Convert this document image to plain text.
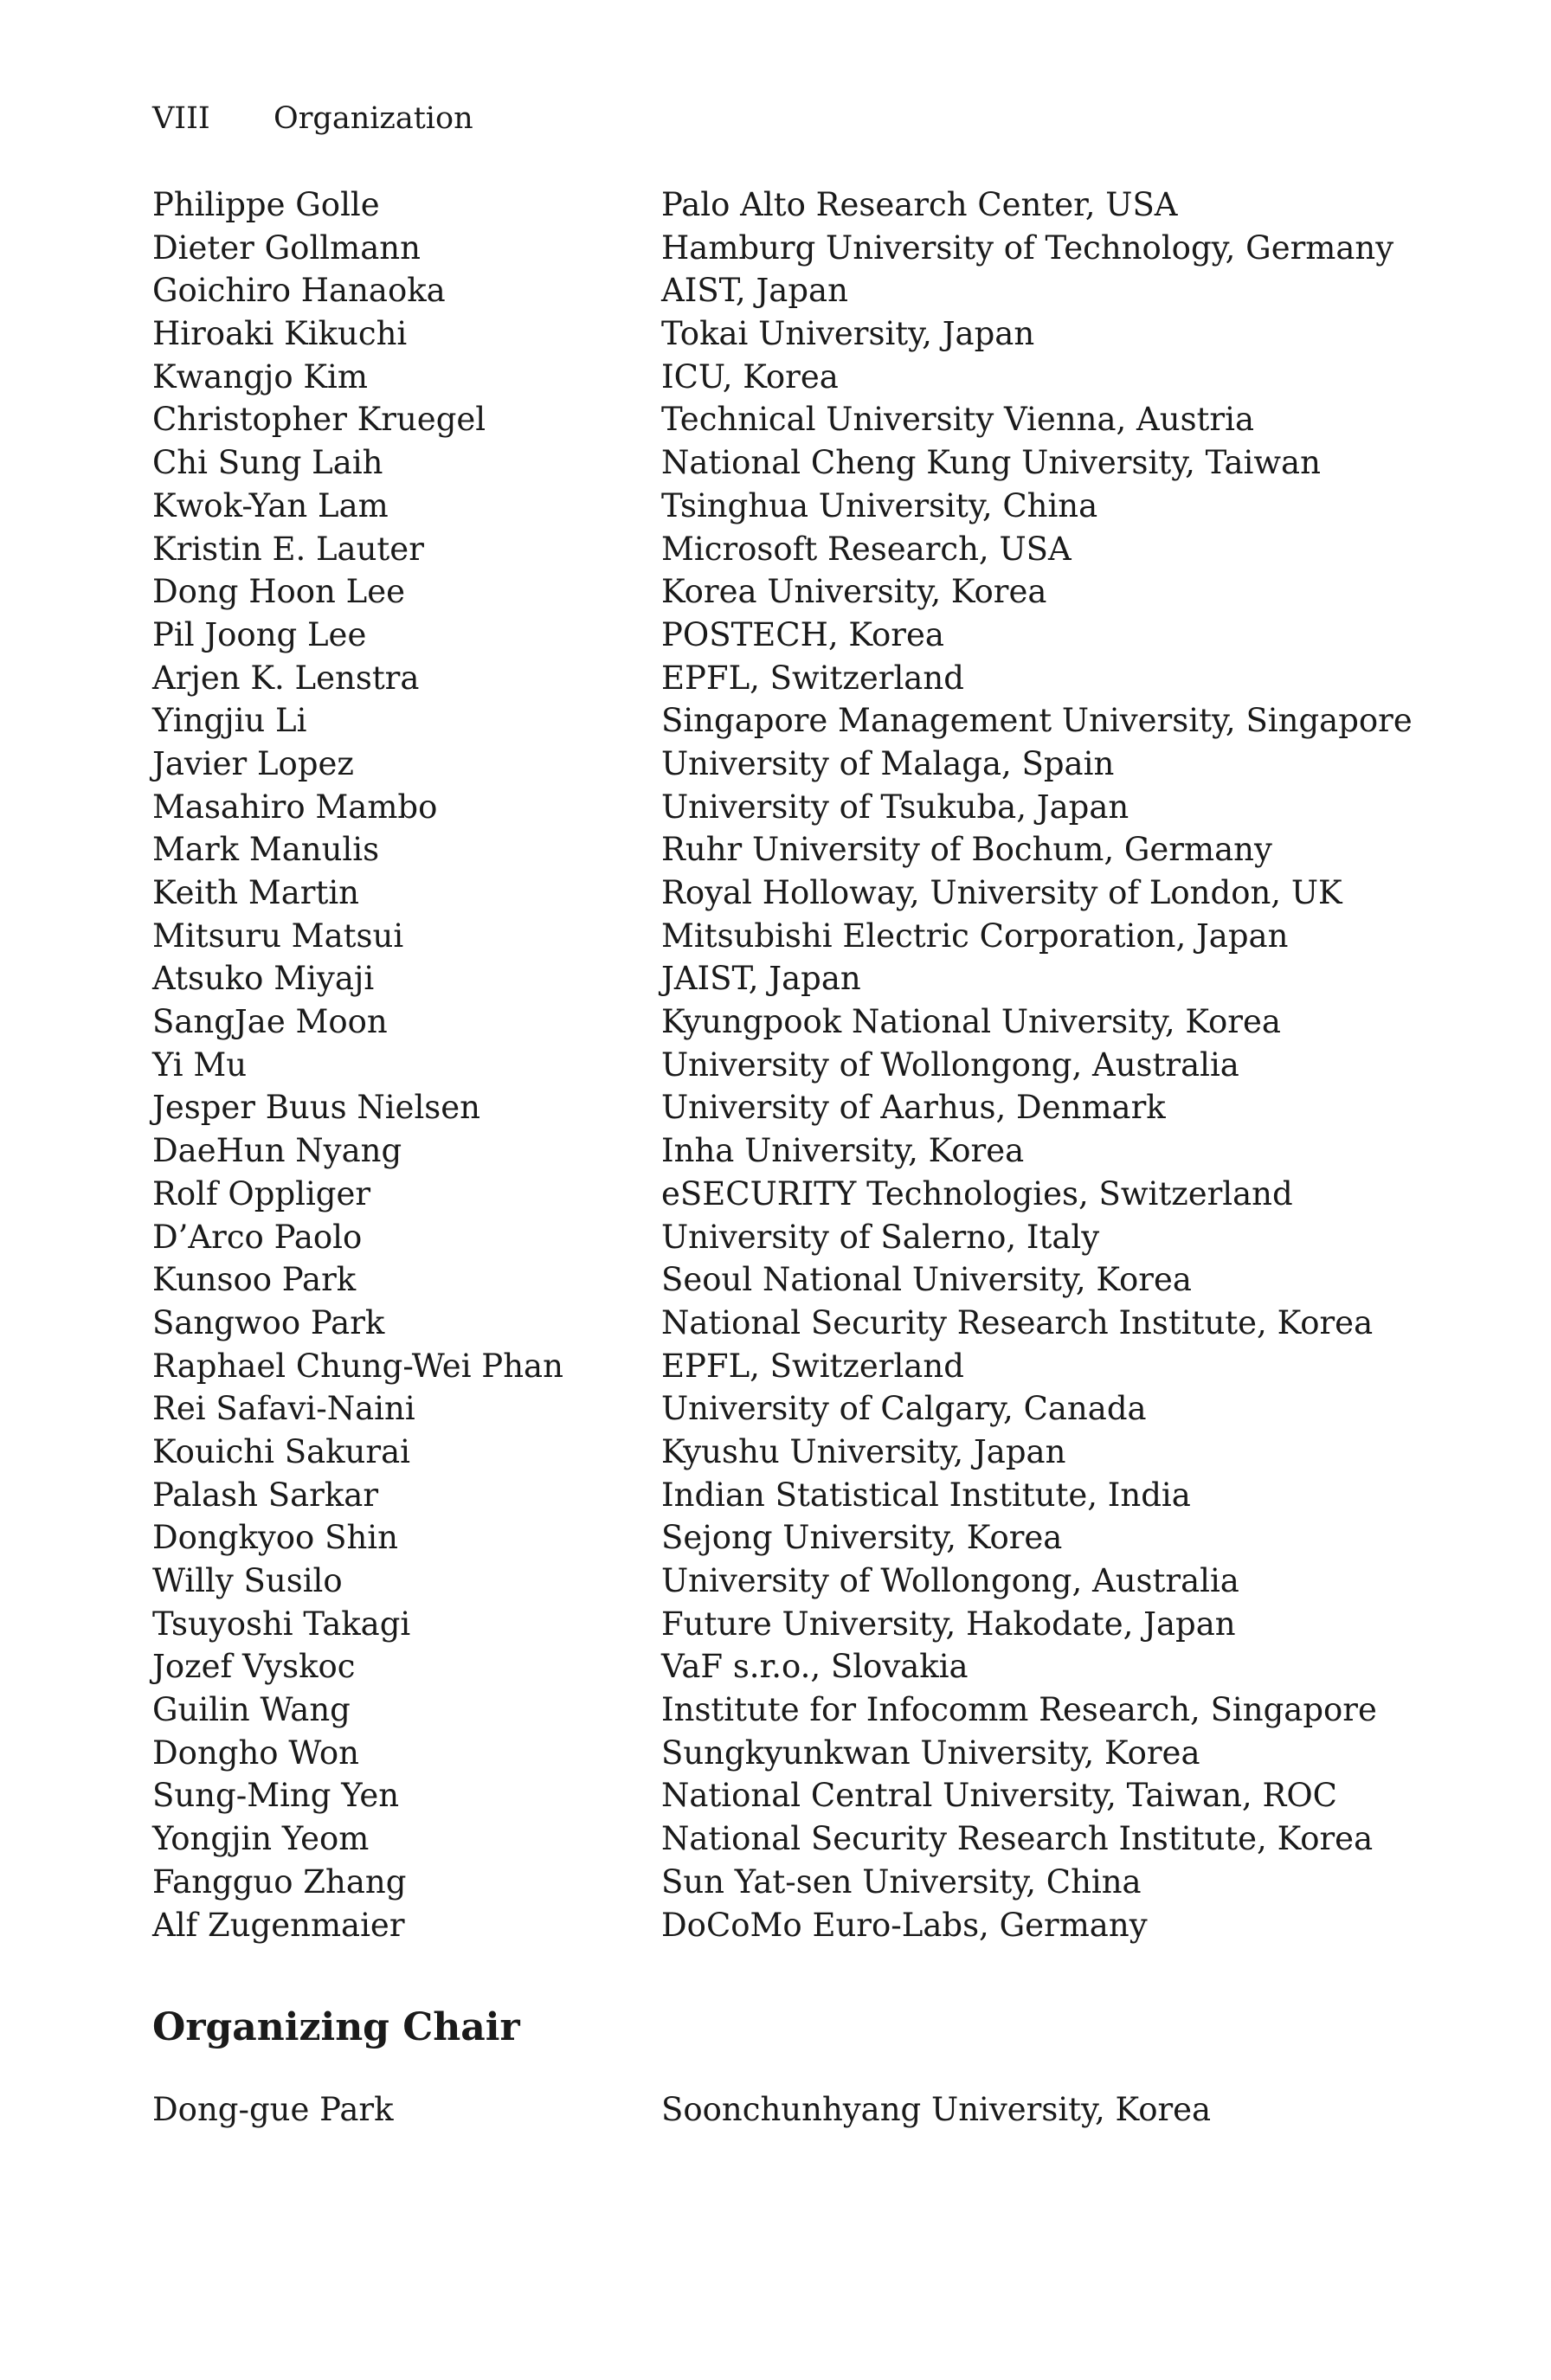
VIII Organization
Philippe Golle	Palo Alto Research Center, USA
Dieter Gollmann	Hamburg University of Technology, Germany
Goichiro Hanaoka	AIST, Japan
Hiroaki Kikuchi	Tokai University, Japan
Kwangjo Kim	ICU, Korea
Christopher Kruegel	Technical University Vienna, Austria
Chi Sung Laih	National Cheng Kung University, Taiwan
Kwok-Yan Lam	Tsinghua University, China
Kristin E. Lauter	Microsoft Research, USA
Dong Hoon Lee	Korea University, Korea
Pil Joong Lee	POSTECH, Korea
Arjen K. Lenstra	EPFL, Switzerland
Yingjiu Li	Singapore Management University, Singapore
Javier Lopez	University of Malaga, Spain
Masahiro Mambo	University of Tsukuba, Japan
Mark Manulis	Ruhr University of Bochum, Germany
Keith Martin	Royal Holloway, University of London, UK
Mitsuru Matsui	Mitsubishi Electric Corporation, Japan
Atsuko Miyaji	JAIST, Japan
SangJae Moon	Kyungpook National University, Korea
Yi Mu	University of Wollongong, Australia
Jesper Buus Nielsen	University of Aarhus, Denmark
DaeHun Nyang	Inha University, Korea
Rolf Oppliger	eSECURITY Technologies, Switzerland
D’Arco Paolo	University of Salerno, Italy
Kunsoo Park	Seoul National University, Korea
Sangwoo Park	National Security Research Institute, Korea
Raphael Chung-Wei Phan	EPFL, Switzerland
Rei Safavi-Naini	University of Calgary, Canada
Kouichi Sakurai	Kyushu University, Japan
Palash Sarkar	Indian Statistical Institute, India
Dongkyoo Shin	Sejong University, Korea
Willy Susilo	University of Wollongong, Australia
Tsuyoshi Takagi	Future University, Hakodate, Japan
Jozef Vyskoc	VaF s.r.o., Slovakia
Guilin Wang	Institute for Infocomm Research, Singapore
Dongho Won	Sungkyunkwan University, Korea
Sung-Ming Yen	National Central University, Taiwan, ROC
Yongjin Yeom	National Security Research Institute, Korea
Fangguo Zhang	Sun Yat-sen University, China
Alf Zugenmaier	DoCoMo Euro-Labs, Germany
Organizing Chair
Dong-gue Park	Soonchunhyang University, Korea
